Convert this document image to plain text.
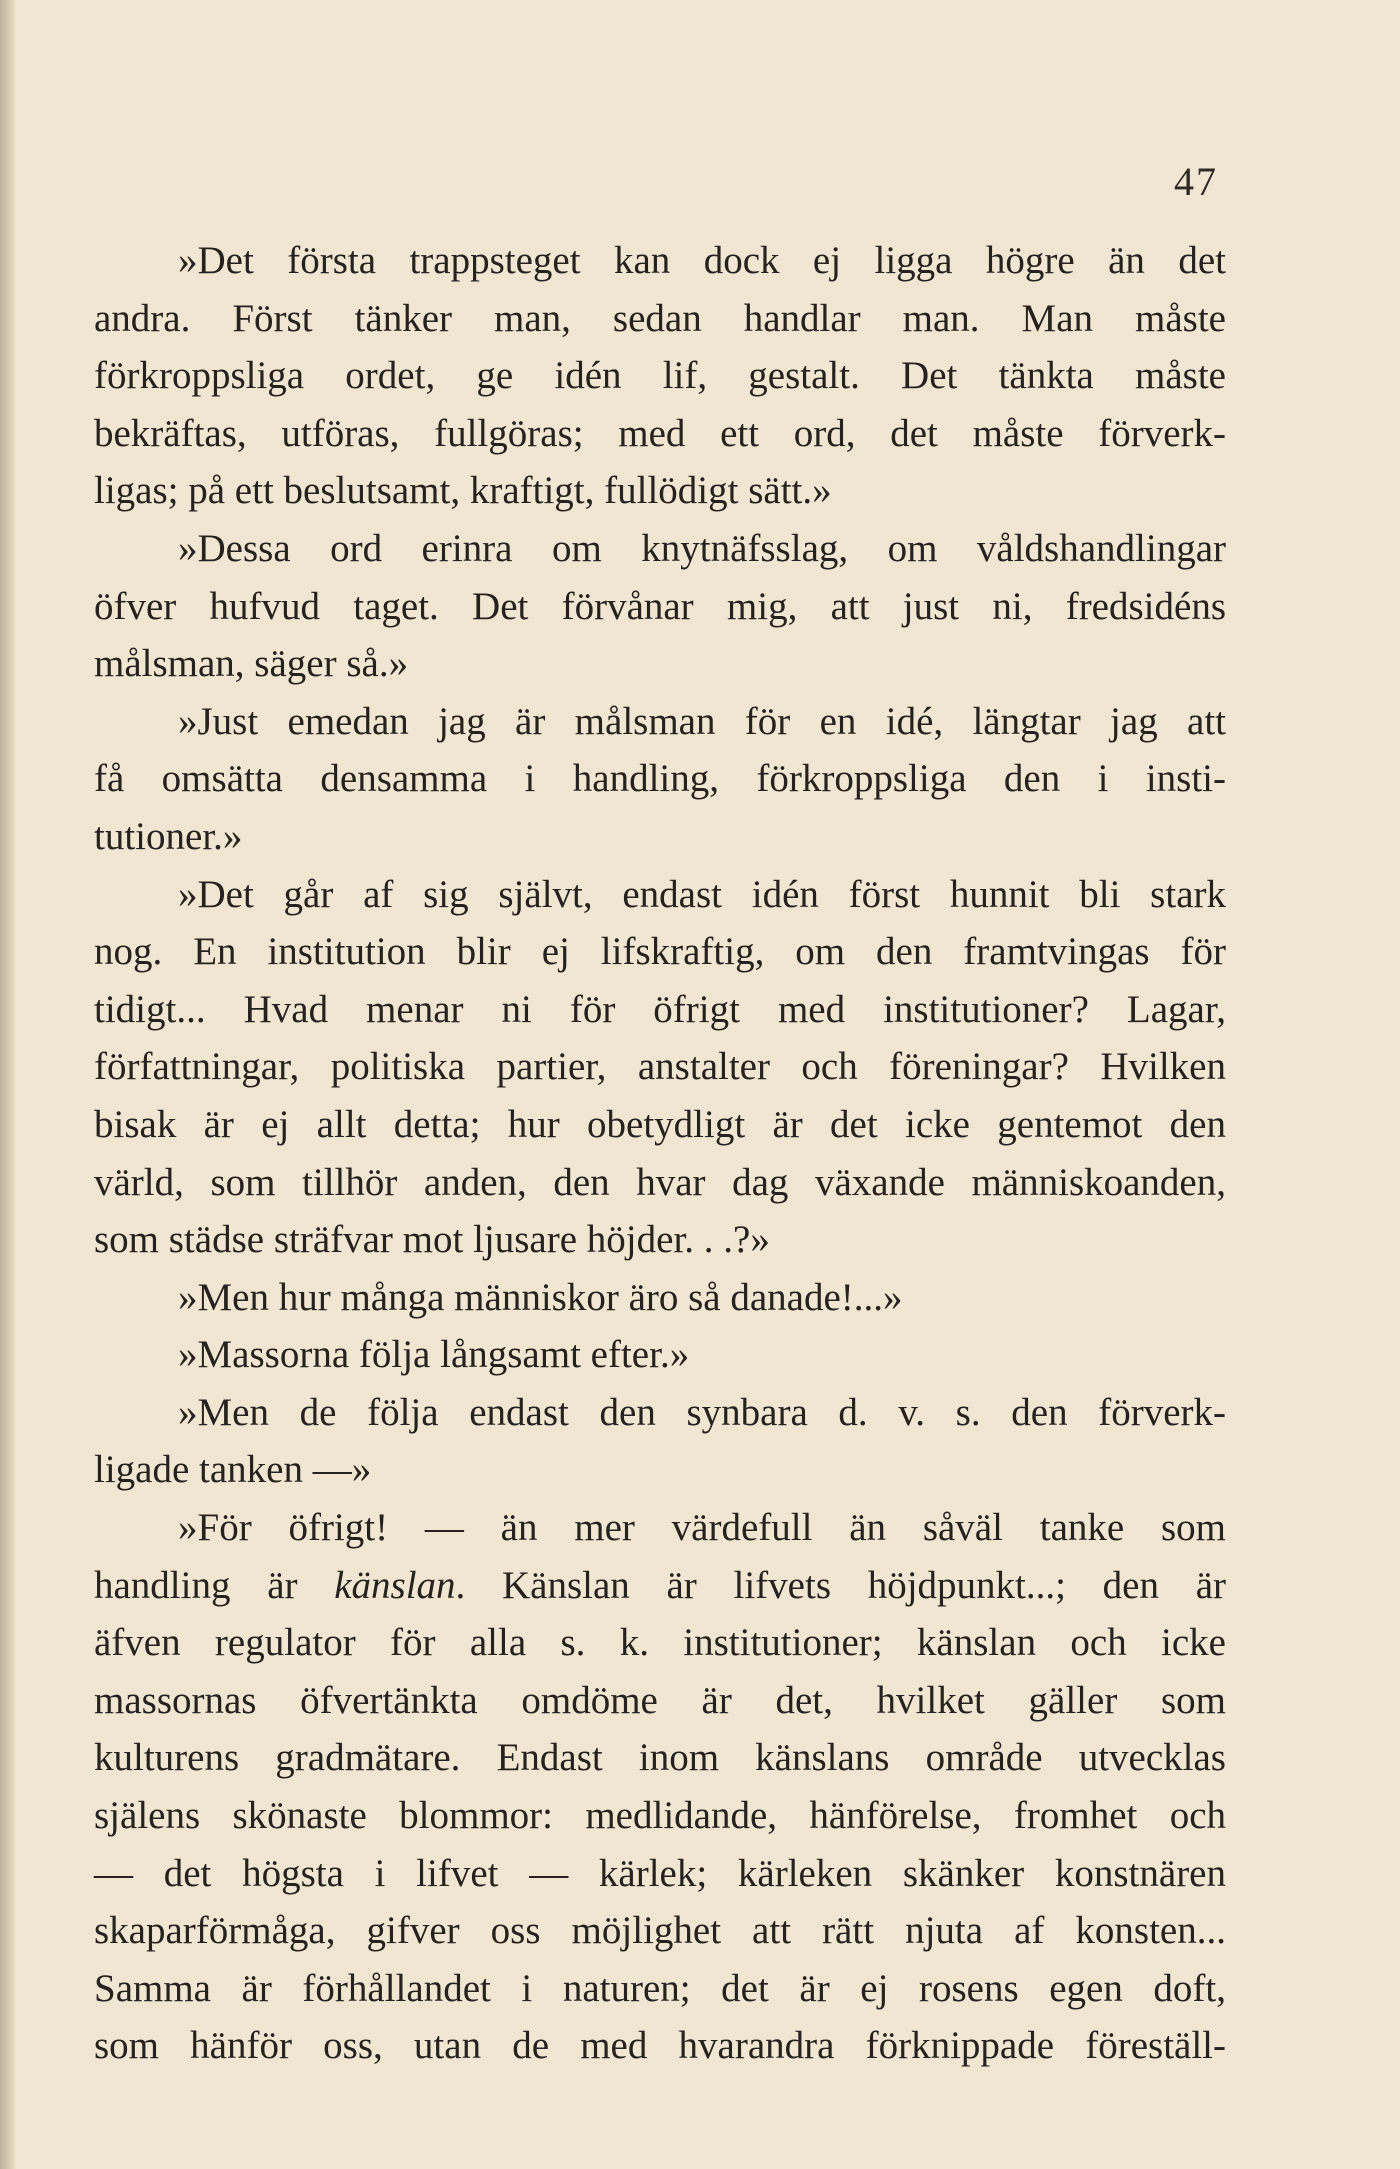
47
»Det första trappsteget kan dock ej ligga högre än det
andra. Först tänker man, sedan handlar man. Man måste
förkroppsliga ordet, ge idén lif, gestalt. Det tänkta måste
bekräftas, utföras, fullgöras; med ett ord, det måste förverk-
ligas; på ett beslutsamt, kraftigt, fullödigt sätt.»
»Dessa ord erinra om knytnäfsslag, om våldshandlingar
öfver hufvud taget. Det förvånar mig, att just ni, fredsidéns
målsman, säger så.»
»Just emedan jag är målsman för en idé, längtar jag att
få omsätta densamma i handling, förkroppsliga den i insti-
tutioner.»
»Det går af sig självt, endast idén först hunnit bli stark
nog. En institution blir ej lifskraftig, om den framtvingas för
tidigt... Hvad menar ni för öfrigt med institutioner? Lagar,
författningar, politiska partier, anstalter och föreningar? Hvilken
bisak är ej allt detta; hur obetydligt är det icke gentemot den
värld, som tillhör anden, den hvar dag växande människoanden,
som städse sträfvar mot ljusare höjder. . .?»
»Men hur många människor äro så danade!...»
»Massorna följa långsamt efter.»
»Men de följa endast den synbara d. v. s. den förverk-
ligade tanken —»
»För öfrigt! — än mer värdefull än såväl tanke som
handling är känslan. Känslan är lifvets höjdpunkt...; den är
äfven regulator för alla s. k. institutioner; känslan och icke
massornas öfvertänkta omdöme är det, hvilket gäller som
kulturens gradmätare. Endast inom känslans område utvecklas
själens skönaste blommor: medlidande, hänförelse, fromhet och
— det högsta i lifvet — kärlek; kärleken skänker konstnären
skaparförmåga, gifver oss möjlighet att rätt njuta af konsten...
Samma är förhållandet i naturen; det är ej rosens egen doft,
som hänför oss, utan de med hvarandra förknippade föreställ-
